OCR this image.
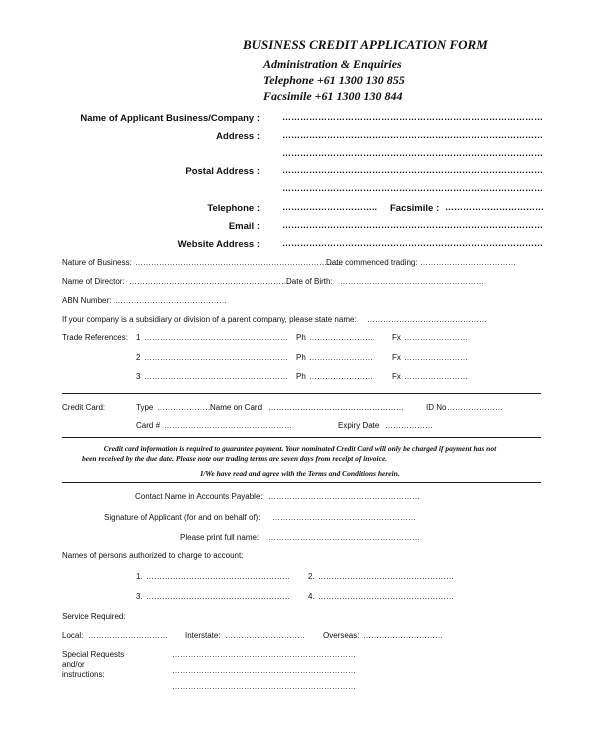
BUSINESS CREDIT APPLICATION FORM
Administration & Enquiries
Telephone +61 1300 130 855
Facsimile +61 1300 130 844
Name of Applicant Business/Company : ……………………………………………………………………………
Address : ……………………………………………………………………………
……………………………………………………………………………
Postal Address : ……………………………………………………………………………
……………………………………………………………………………
Telephone : ………………………….. Facsimile : ……………………………
Email : ……………………………………………………………………………
Website Address : ……………………………………………………………………………
Nature of Business: ……………………………………………………………………
Date commenced trading: ………………………………
Name of Director: ……………………………………………………
Date of Birth: ………………………………………………
ABN Number: ……………………………………
If your company is a subsidiary or division of a parent company, please state name: ………………………………………
Trade References: 1 ……………………………………………… Ph …………………… Fx ……………………
2 ……………………………………………… Ph …………………… Fx ……………………
3 ……………………………………………… Ph …………………… Fx ……………………
Credit Card:	Type …………………
Name on Card ……………………………………………	ID No …………………
Card # …………………………………………	Expiry Date ………………
Credit card information is required to guarantee payment. Your nominated Credit Card will only be charged if payment has not
been received by the due date. Please note our trading terms are seven days from receipt of invoice.
I/We have read and agree with the Terms and Conditions herein.
Contact Name in Accounts Payable: …………………………………………………
Signature of Applicant (for and on behalf of): ………………………………………………
Please print full name: …………………………………………………
Names of persons authorized to charge to account:
1. ……………………………………………… 2. ……………………………………………
3. ……………………………………………… 4. ……………………………………………
Service Required:
Local: ………………………… Interstate: ………………………… Overseas: …………………………
Special Requests
and/or
instructions:
……………………………………………………………
……………………………………………………………
……………………………………………………………
